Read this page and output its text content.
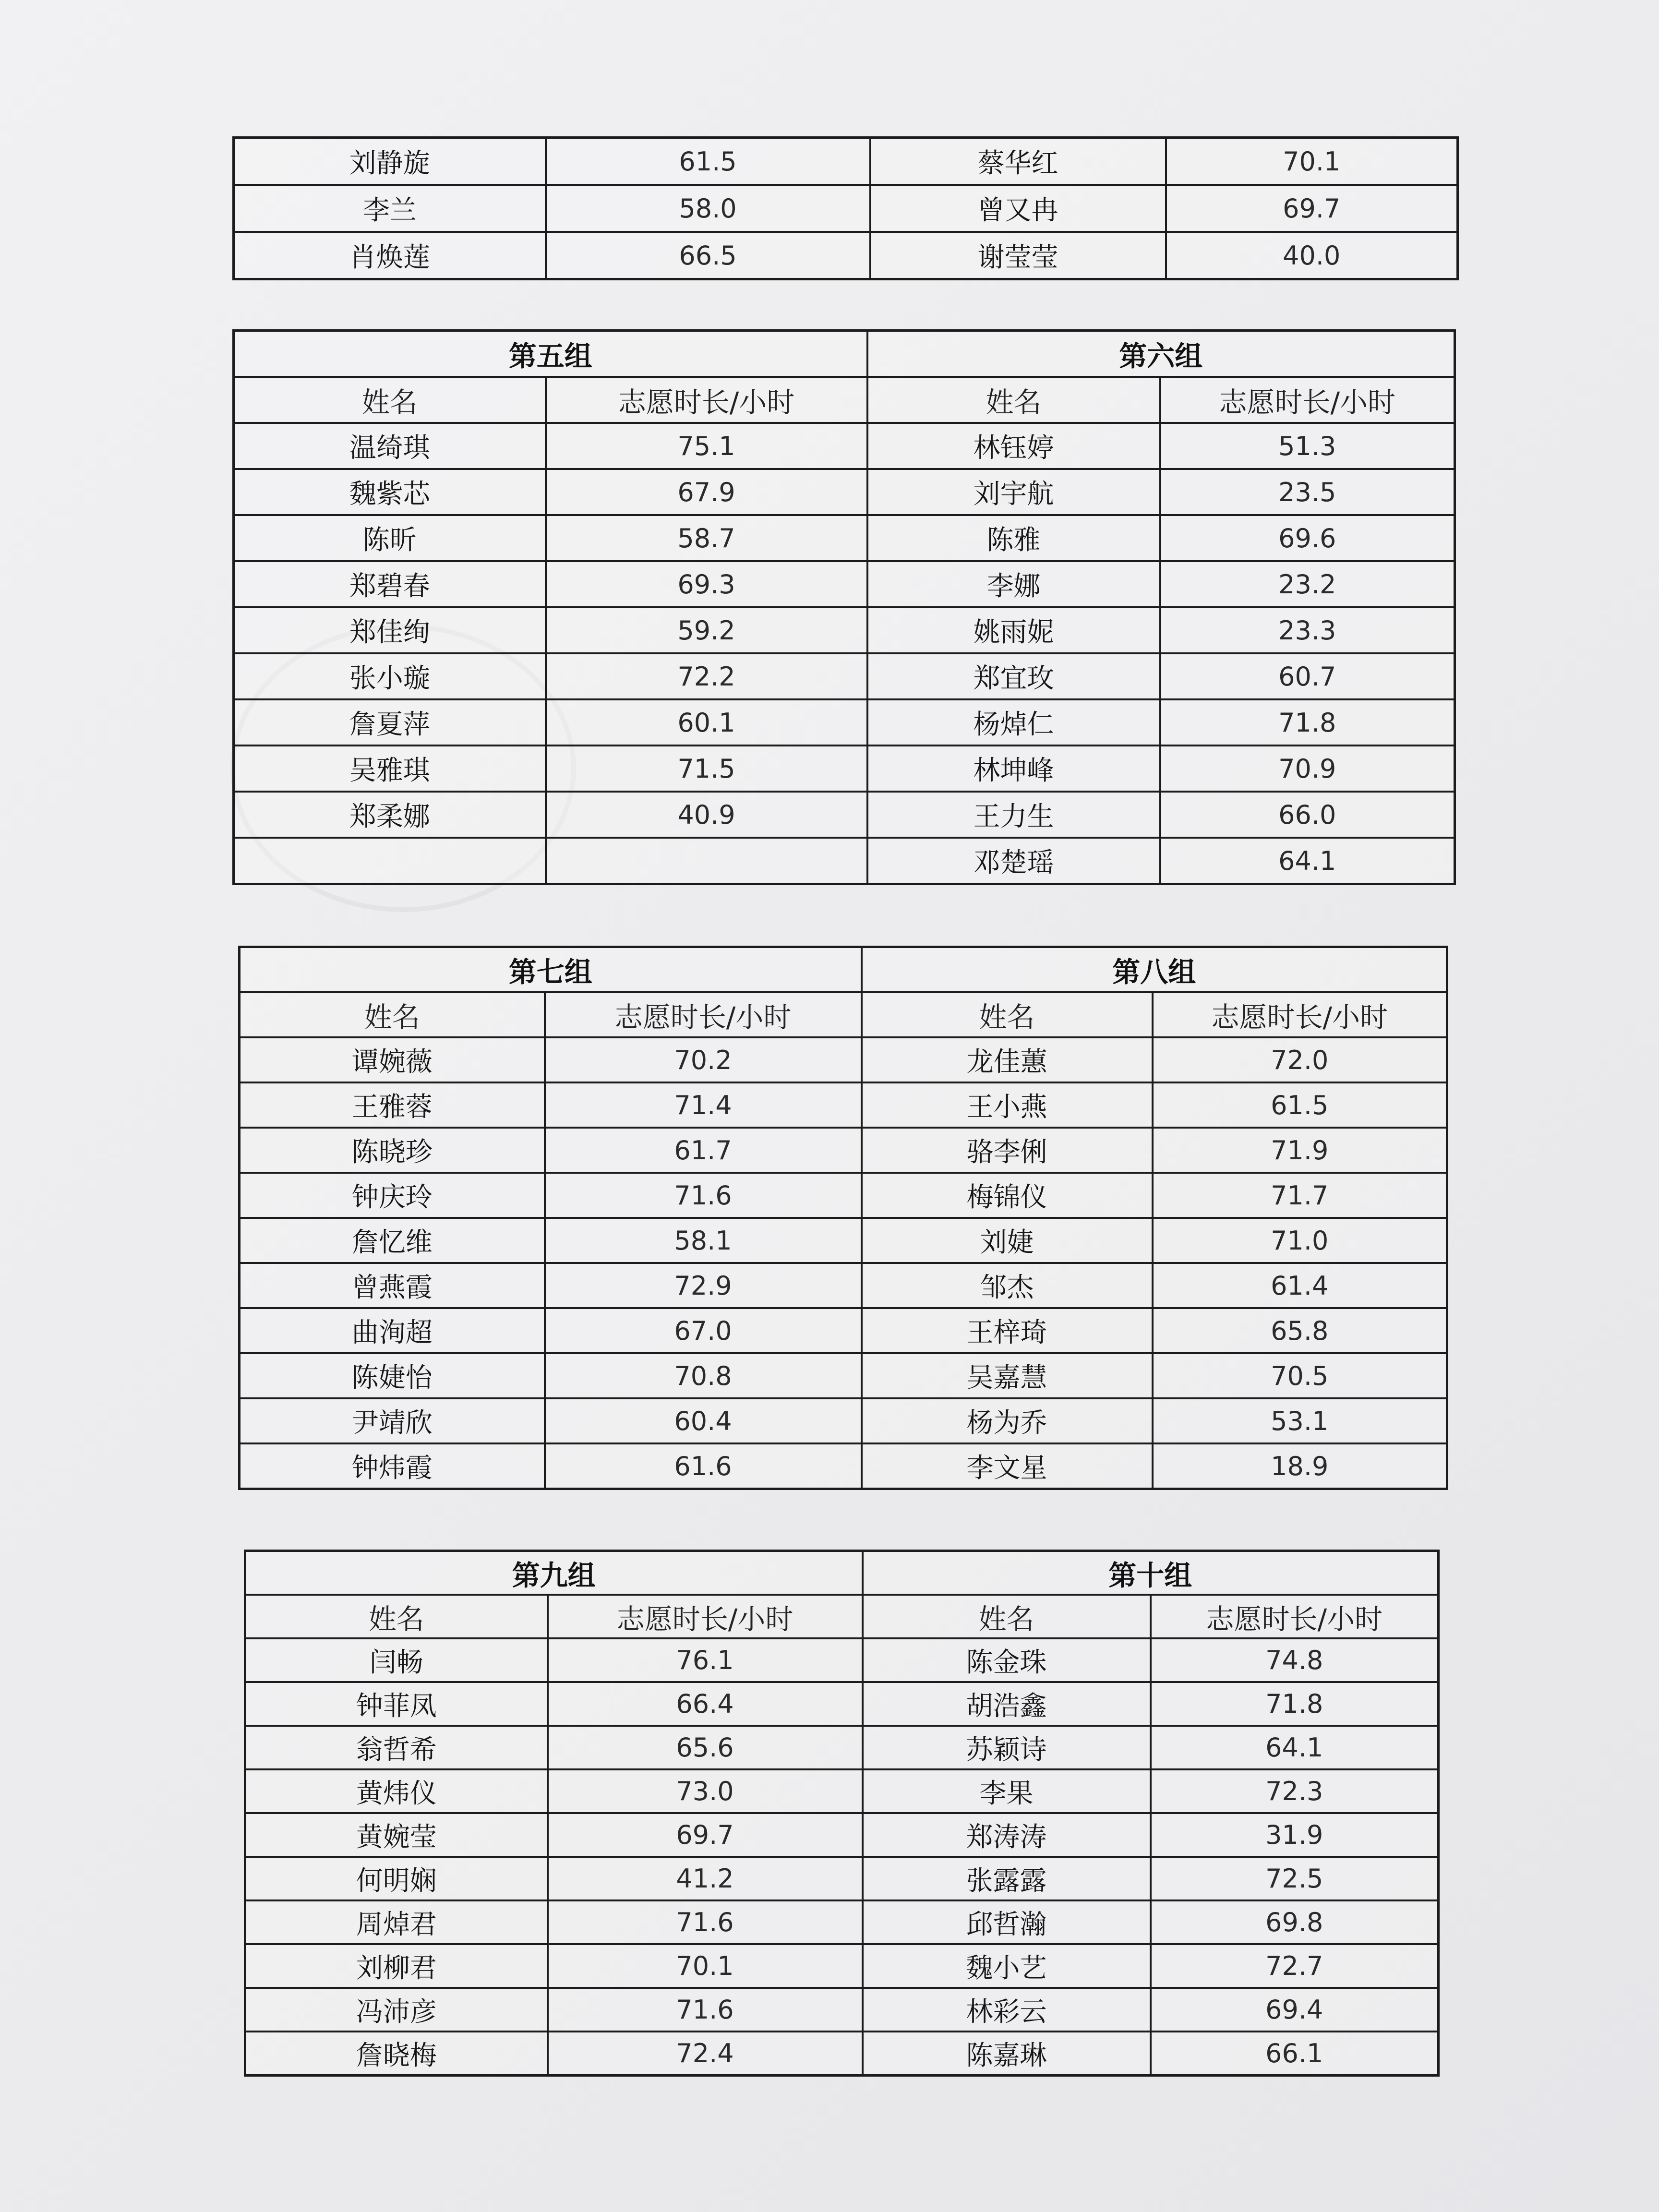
刘静旋	61.5	蔡华红	70.1
李兰	58.0	曾又冉	69.7
肖焕莲	66.5	谢莹莹	40.0
第五组		第六组	
姓名	志愿时长/小时	姓名	志愿时长/小时
温绮琪	75.1	林钰婷	51.3
魏紫芯	67.9	刘宇航	23.5
陈昕	58.7	陈雅	69.6
郑碧春	69.3	李娜	23.2
郑佳绚	59.2	姚雨妮	23.3
张小璇	72.2	郑宜玫	60.7
詹夏萍	60.1	杨焯仁	71.8
吴雅琪	71.5	林坤峰	70.9
郑柔娜	40.9	王力生	66.0
		邓楚瑶	64.1
第七组		第八组	
姓名	志愿时长/小时	姓名	志愿时长/小时
谭婉薇	70.2	龙佳蕙	72.0
王雅蓉	71.4	王小燕	61.5
陈晓珍	61.7	骆李俐	71.9
钟庆玲	71.6	梅锦仪	71.7
詹忆维	58.1	刘婕	71.0
曾燕霞	72.9	邹杰	61.4
曲洵超	67.0	王梓琦	65.8
陈婕怡	70.8	吴嘉慧	70.5
尹靖欣	60.4	杨为乔	53.1
钟炜霞	61.6	李文星	18.9
第九组		第十组	
姓名	志愿时长/小时	姓名	志愿时长/小时
闫畅	76.1	陈金珠	74.8
钟菲凤	66.4	胡浩鑫	71.8
翁哲希	65.6	苏颖诗	64.1
黄炜仪	73.0	李果	72.3
黄婉莹	69.7	郑涛涛	31.9
何明娴	41.2	张露露	72.5
周焯君	71.6	邱哲瀚	69.8
刘柳君	70.1	魏小艺	72.7
冯沛彦	71.6	林彩云	69.4
詹晓梅	72.4	陈嘉琳	66.1
